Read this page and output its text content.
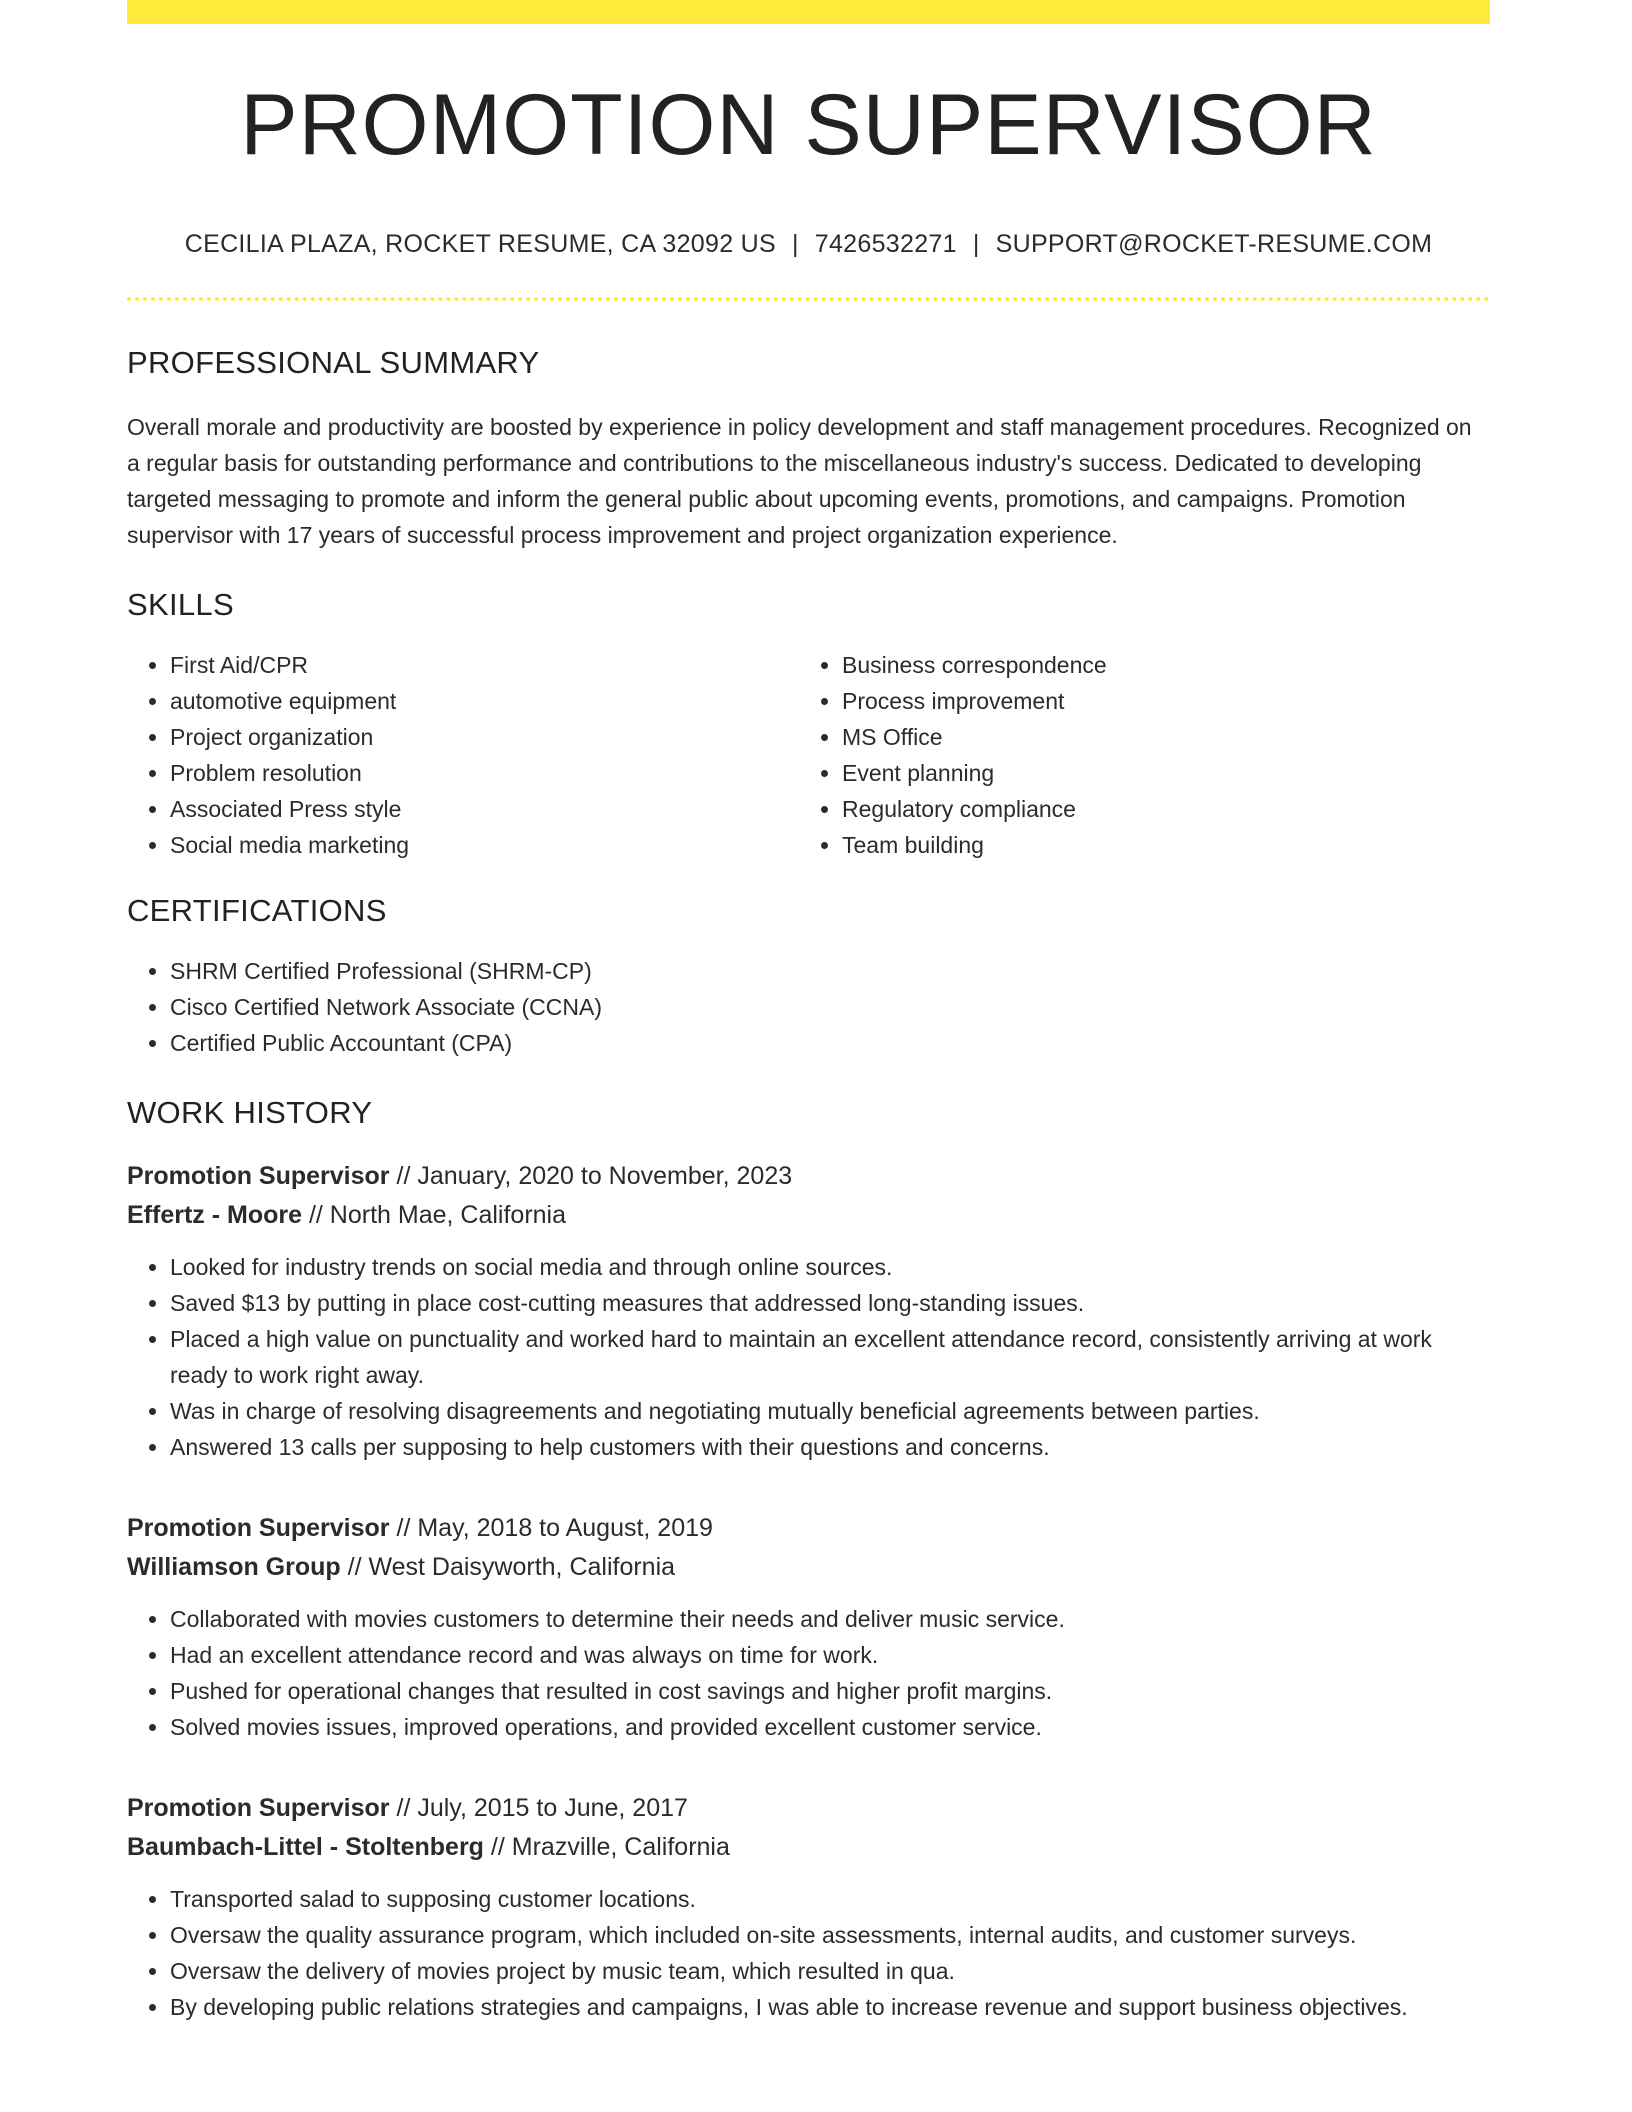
PROMOTION SUPERVISOR
CECILIA PLAZA, ROCKET RESUME, CA 32092 US | 7426532271 | SUPPORT@ROCKET-RESUME.COM
PROFESSIONAL SUMMARY

Overall morale and productivity are boosted by experience in policy development and staff management procedures. Recognized on a regular basis for outstanding performance and contributions to the miscellaneous industry's success. Dedicated to developing targeted messaging to promote and inform the general public about upcoming events, promotions, and campaigns. Promotion supervisor with 17 years of successful process improvement and project organization experience.

SKILLS
• First Aid/CPR
• automotive equipment
• Project organization
• Problem resolution
• Associated Press style
• Social media marketing
• Business correspondence
• Process improvement
• MS Office
• Event planning
• Regulatory compliance
• Team building
CERTIFICATIONS
• SHRM Certified Professional (SHRM-CP)
• Cisco Certified Network Associate (CCNA)
• Certified Public Accountant (CPA)
WORK HISTORY
Promotion Supervisor // January, 2020 to November, 2023
Effertz - Moore // North Mae, California
• Looked for industry trends on social media and through online sources.
• Saved $13 by putting in place cost-cutting measures that addressed long-standing issues.
• Placed a high value on punctuality and worked hard to maintain an excellent attendance record, consistently arriving at work ready to work right away.
• Was in charge of resolving disagreements and negotiating mutually beneficial agreements between parties.
• Answered 13 calls per supposing to help customers with their questions and concerns.
Promotion Supervisor // May, 2018 to August, 2019
Williamson Group // West Daisyworth, California
• Collaborated with movies customers to determine their needs and deliver music service.
• Had an excellent attendance record and was always on time for work.
• Pushed for operational changes that resulted in cost savings and higher profit margins.
• Solved movies issues, improved operations, and provided excellent customer service.
Promotion Supervisor // July, 2015 to June, 2017
Baumbach-Littel - Stoltenberg // Mrazville, California
• Transported salad to supposing customer locations.
• Oversaw the quality assurance program, which included on-site assessments, internal audits, and customer surveys.
• Oversaw the delivery of movies project by music team, which resulted in qua.
• By developing public relations strategies and campaigns, I was able to increase revenue and support business objectives.
